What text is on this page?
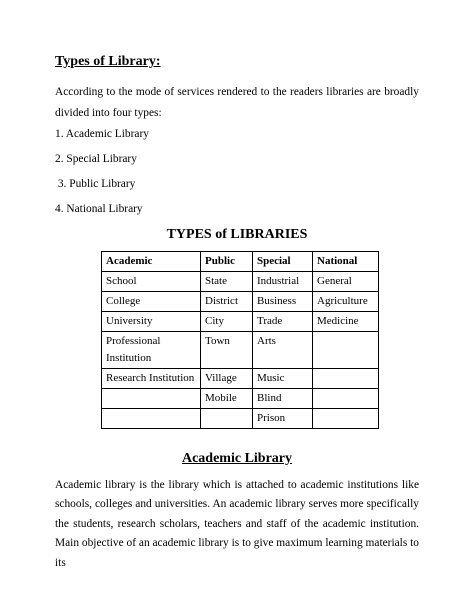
Types of Library:
According to the mode of services rendered to the readers libraries are broadly divided into four types:
1. Academic Library
2. Special Library
3. Public Library
4. National Library
TYPES of LIBRARIES
Academic	Public	Special	National
School	State	Industrial	General
College	District	Business	Agriculture
University	City	Trade	Medicine
Professional Institution	Town	Arts	
Research Institution	Village	Music	
	Mobile	Blind	
		Prison	
Academic Library
Academic library is the library which is attached to academic institutions like schools, colleges and universities. An academic library serves more specifically the students, research scholars, teachers and staff of the academic institution. Main objective of an academic library is to give maximum learning materials to its
